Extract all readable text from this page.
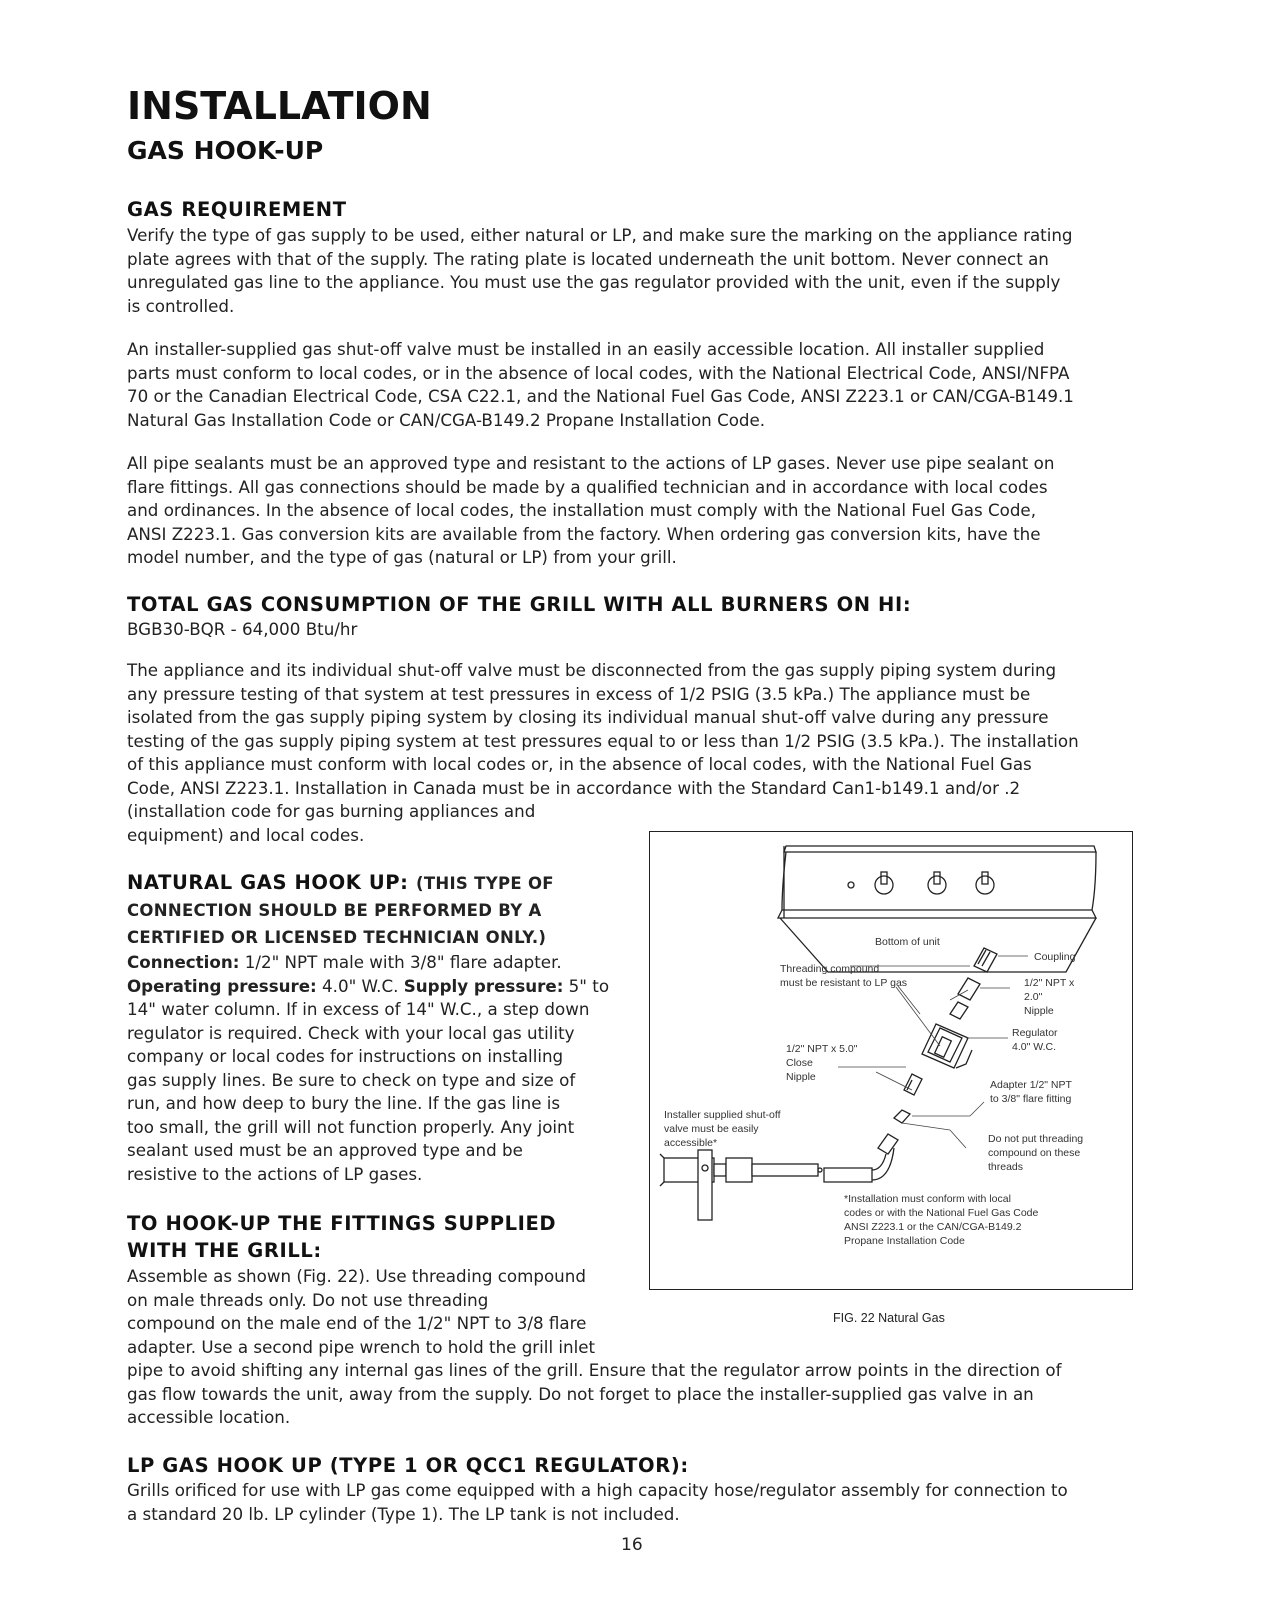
INSTALLATION
GAS HOOK-UP
GAS REQUIREMENT
Verify the type of gas supply to be used, either natural or LP, and make sure the marking on the appliance rating
plate agrees with that of the supply. The rating plate is located underneath the unit bottom. Never connect an
unregulated gas line to the appliance. You must use the gas regulator provided with the unit, even if the supply
is controlled.
An installer-supplied gas shut-off valve must be installed in an easily accessible location. All installer supplied
parts must conform to local codes, or in the absence of local codes, with the National Electrical Code, ANSI/NFPA
70 or the Canadian Electrical Code, CSA C22.1, and the National Fuel Gas Code, ANSI Z223.1 or CAN/CGA-B149.1
Natural Gas Installation Code or CAN/CGA-B149.2 Propane Installation Code.
All pipe sealants must be an approved type and resistant to the actions of LP gases. Never use pipe sealant on
flare fittings. All gas connections should be made by a qualified technician and in accordance with local codes
and ordinances. In the absence of local codes, the installation must comply with the National Fuel Gas Code,
ANSI Z223.1. Gas conversion kits are available from the factory. When ordering gas conversion kits, have the
model number, and the type of gas (natural or LP) from your grill.
TOTAL GAS CONSUMPTION OF THE GRILL WITH ALL BURNERS ON HI:
BGB30-BQR - 64,000 Btu/hr
The appliance and its individual shut-off valve must be disconnected from the gas supply piping system during
any pressure testing of that system at test pressures in excess of 1/2 PSIG (3.5 kPa.) The appliance must be
isolated from the gas supply piping system by closing its individual manual shut-off valve during any pressure
testing of the gas supply piping system at test pressures equal to or less than 1/2 PSIG (3.5 kPa.). The installation
of this appliance must conform with local codes or, in the absence of local codes, with the National Fuel Gas
Code, ANSI Z223.1. Installation in Canada must be in accordance with the Standard Can1-b149.1 and/or .2
(installation code for gas burning appliances and
equipment) and local codes.
NATURAL GAS HOOK UP: (THIS TYPE OF
CONNECTION SHOULD BE PERFORMED BY A
CERTIFIED OR LICENSED TECHNICIAN ONLY.)
Connection: 1/2" NPT male with 3/8" flare adapter.
Operating pressure: 4.0" W.C. Supply pressure: 5" to
14" water column. If in excess of 14" W.C., a step down
regulator is required. Check with your local gas utility
company or local codes for instructions on installing
gas supply lines. Be sure to check on type and size of
run, and how deep to bury the line. If the gas line is
too small, the grill will not function properly. Any joint
sealant used must be an approved type and be
resistive to the actions of LP gases.
TO HOOK-UP THE FITTINGS SUPPLIED
WITH THE GRILL:
Assemble as shown (Fig. 22). Use threading compound
on male threads only. Do not use threading
compound on the male end of the 1/2" NPT to 3/8 flare
adapter. Use a second pipe wrench to hold the grill inlet
pipe to avoid shifting any internal gas lines of the grill. Ensure that the regulator arrow points in the direction of
gas flow towards the unit, away from the supply. Do not forget to place the installer-supplied gas valve in an
accessible location.
LP GAS HOOK UP (TYPE 1 OR QCC1 REGULATOR):
Grills orificed for use with LP gas come equipped with a high capacity hose/regulator assembly for connection to
a standard 20 lb. LP cylinder (Type 1). The LP tank is not included.
Bottom of unit
Coupling
Threading compound
must be resistant to LP gas	1/2" NPT x
2.0"
Nipple
Regulator
4.0" W.C.
1/2" NPT x 5.0"
Close
Nipple
Adapter 1/2" NPT
to 3/8" flare fitting
Installer supplied shut-off
valve must be easily
accessible*	Do not put threading
compound on these
threads
*Installation must conform with local
codes or with the National Fuel Gas Code
ANSI Z223.1 or the CAN/CGA-B149.2
Propane Installation Code
FIG. 22 Natural Gas
16
